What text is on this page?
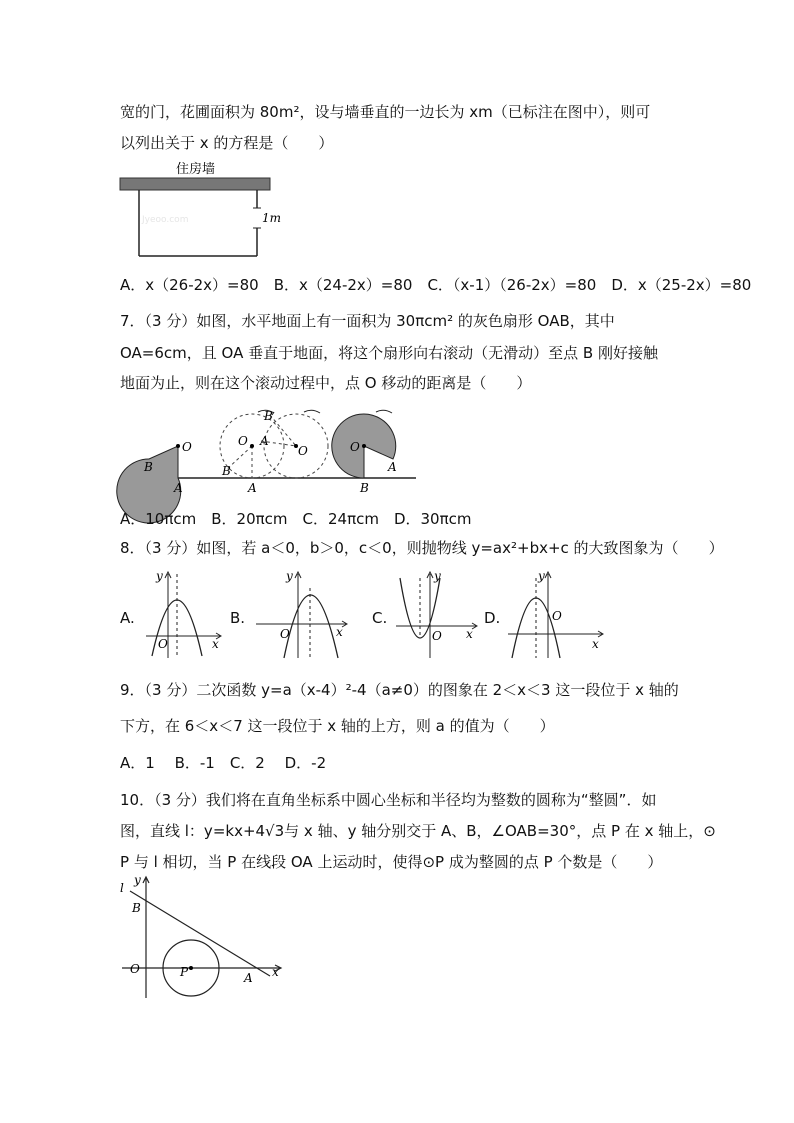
宽的门，花圃面积为 80m²，设与墙垂直的一边长为 xm（已标注在图中），则可
以列出关于 x 的方程是（　　）
住房墙
Jyeoo.com	1m
A．x（26-2x）=80　B．x（24-2x）=80　C．（x-1）（26-2x）=80　D．x（25-2x）=80
7．（3 分）如图，水平地面上有一面积为 30πcm² 的灰色扇形 OAB，其中
OA=6cm，且 OA 垂直于地面，将这个扇形向右滚动（无滑动）至点 B 刚好接触
地面为止，则在这个滚动过程中，点 O 移动的距离是（　　）
O
A
B
O A
B
O
A
B
O
B
A
A．10πcm　B．20πcm　C．24πcm　D．30πcm
8．（3 分）如图，若 a＜0，b＞0，c＜0，则抛物线 y=ax²+bx+c 的大致图象为（　　）
A.
y
O	x
B.
y
O	x
C.
y
O x
D.
y
O
x
9．（3 分）二次函数 y=a（x-4）²-4（a≠0）的图象在 2＜x＜3 这一段位于 x 轴的
下方，在 6＜x＜7 这一段位于 x 轴的上方，则 a 的值为（　　）
A．1　 B．-1　C．2　 D．-2
10．（3 分）我们将在直角坐标系中圆心坐标和半径均为整数的圆称为“整圆”．如
图，直线 l：y=kx+4√3与 x 轴、y 轴分别交于 A、B，∠OAB=30°，点 P 在 x 轴上，⊙
P 与 l 相切，当 P 在线段 OA 上运动时，使得⊙P 成为整圆的点 P 个数是（　　）
l
y
B
O	P	A x
